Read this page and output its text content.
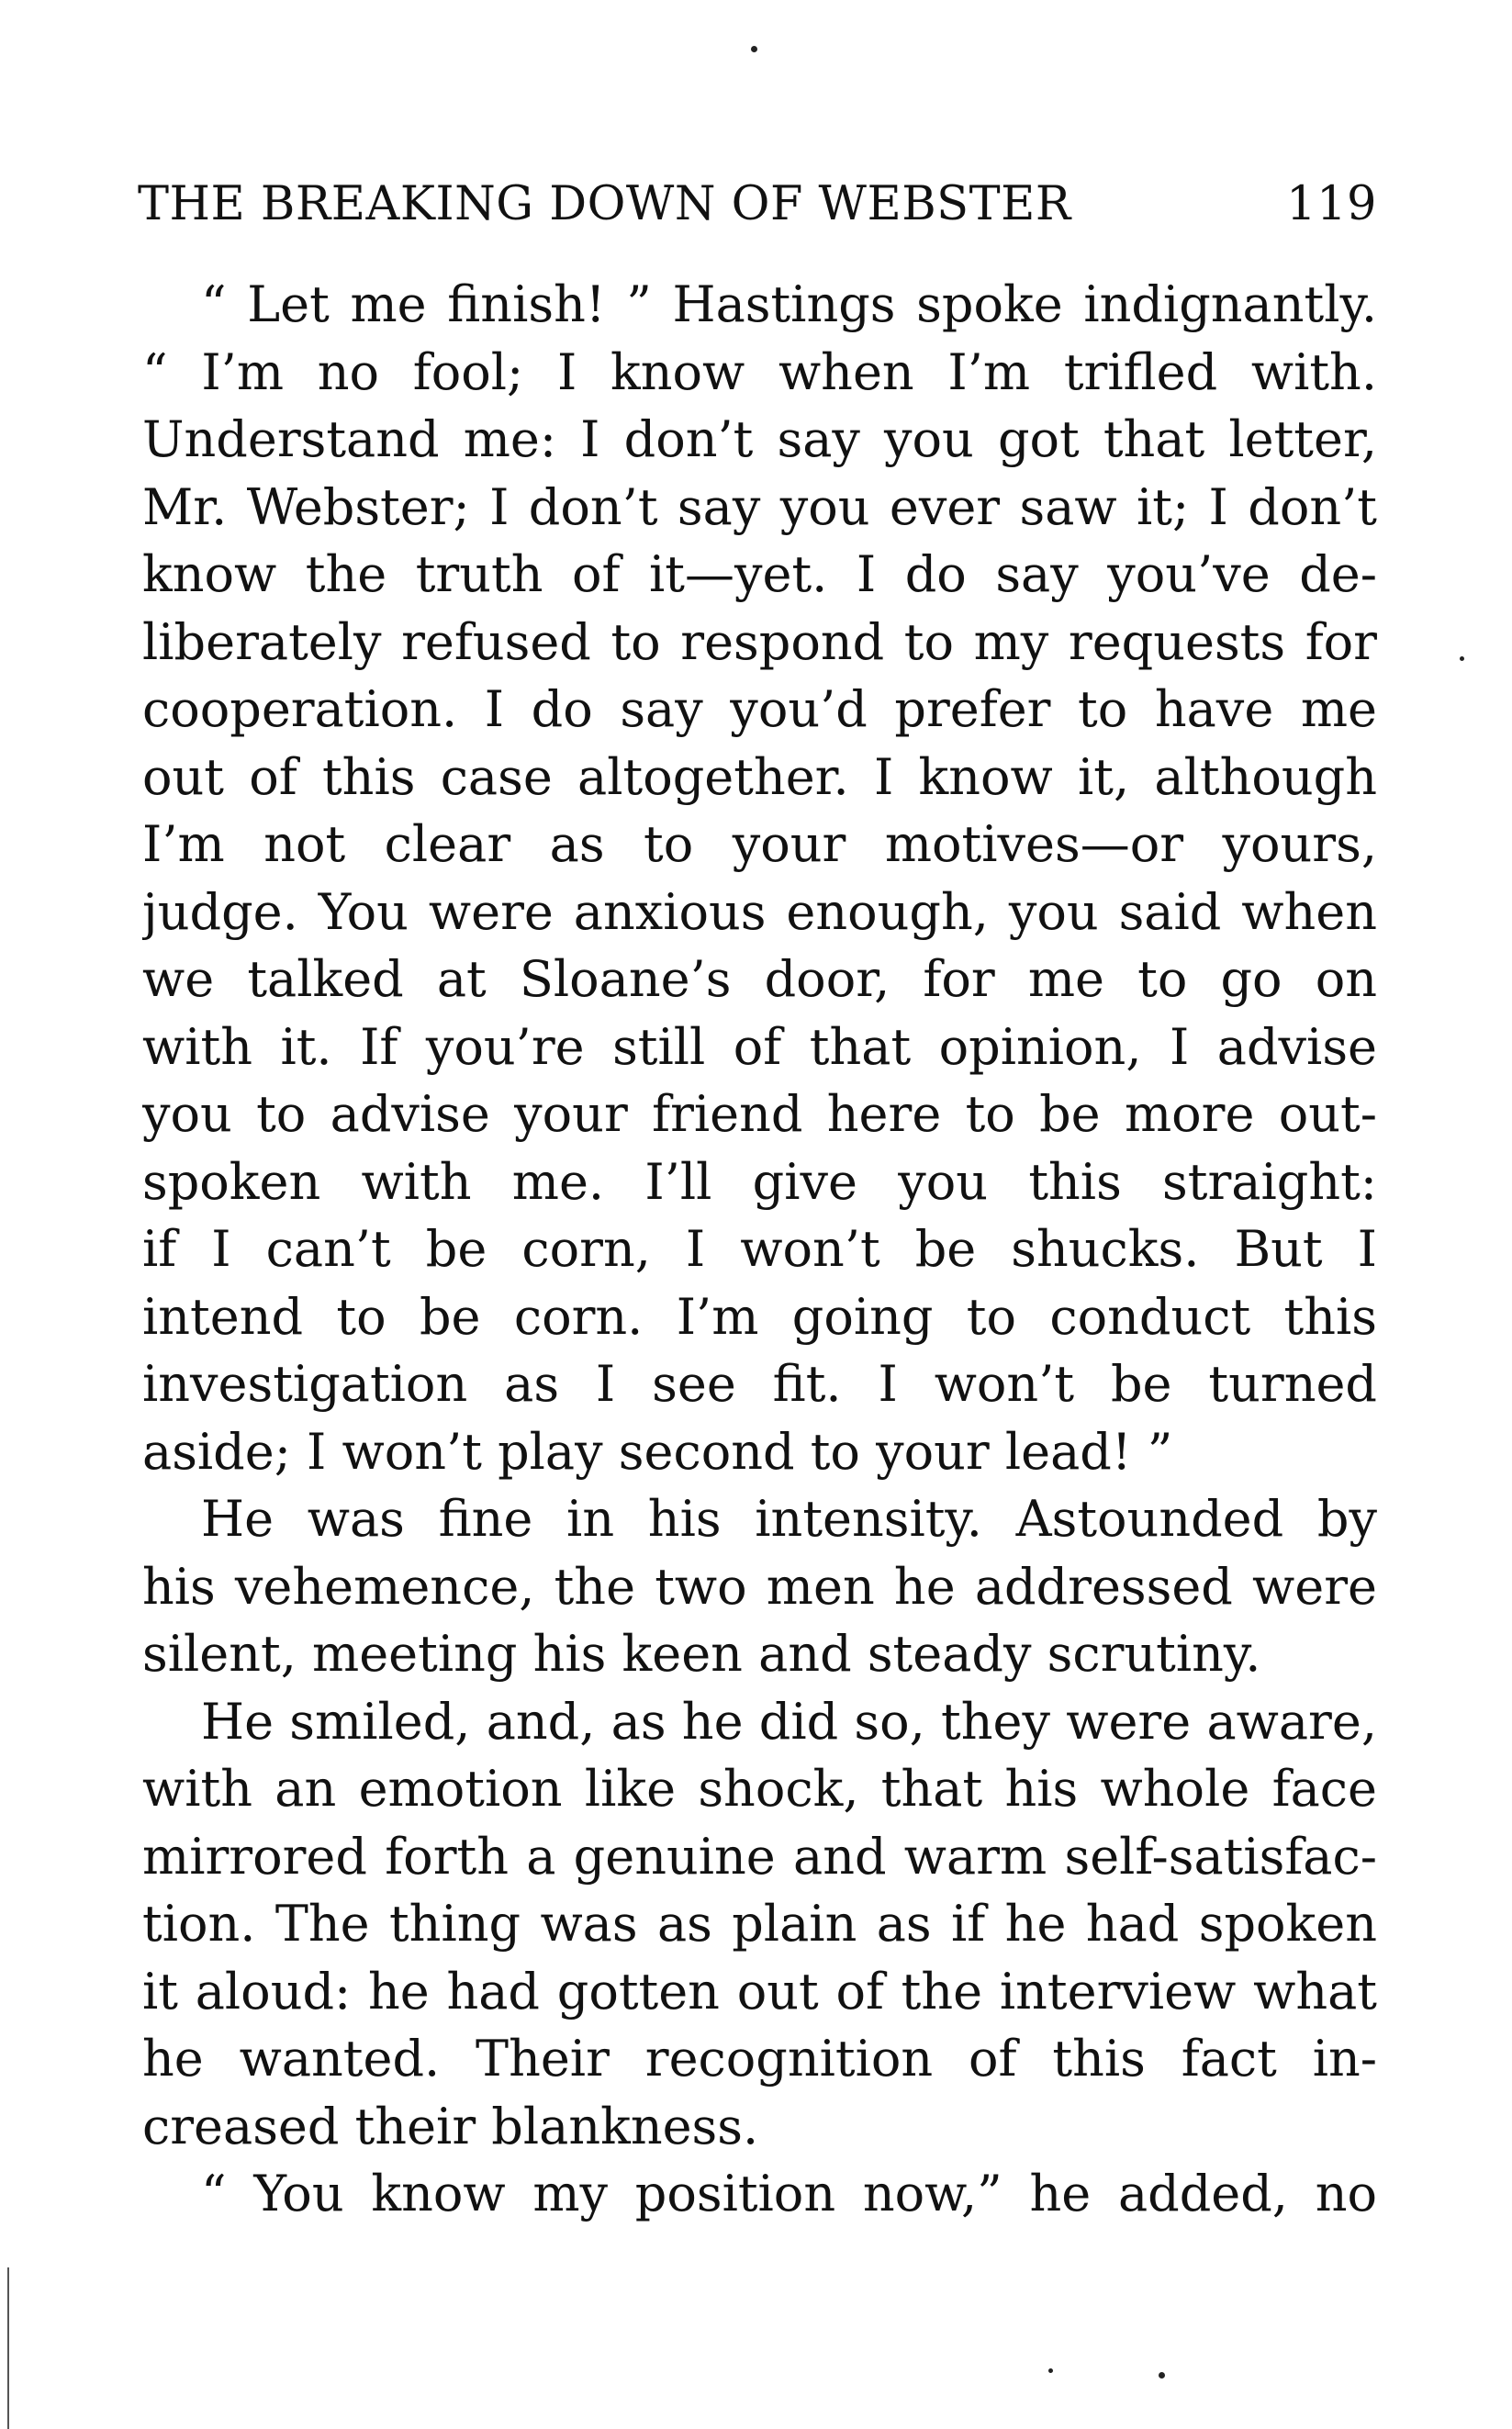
THE BREAKING DOWN OF WEBSTER	119
“ Let me finish! ” Hastings spoke indignantly.
“ I’m no fool; I know when I’m trifled with.
Understand me: I don’t say you got that letter,
Mr. Webster; I don’t say you ever saw it; I don’t
know the truth of it—yet. I do say you’ve de-
liberately refused to respond to my requests for
cooperation. I do say you’d prefer to have me
out of this case altogether. I know it, although
I’m not clear as to your motives—or yours,
judge. You were anxious enough, you said when
we talked at Sloane’s door, for me to go on
with it. If you’re still of that opinion, I advise
you to advise your friend here to be more out-
spoken with me. I’ll give you this straight:
if I can’t be corn, I won’t be shucks. But I
intend to be corn. I’m going to conduct this
investigation as I see fit. I won’t be turned
aside; I won’t play second to your lead! ”
He was fine in his intensity. Astounded by
his vehemence, the two men he addressed were
silent, meeting his keen and steady scrutiny.
He smiled, and, as he did so, they were aware,
with an emotion like shock, that his whole face
mirrored forth a genuine and warm self-satisfac-
tion. The thing was as plain as if he had spoken
it aloud: he had gotten out of the interview what
he wanted. Their recognition of this fact in-
creased their blankness.
“ You know my position now,” he added, no
